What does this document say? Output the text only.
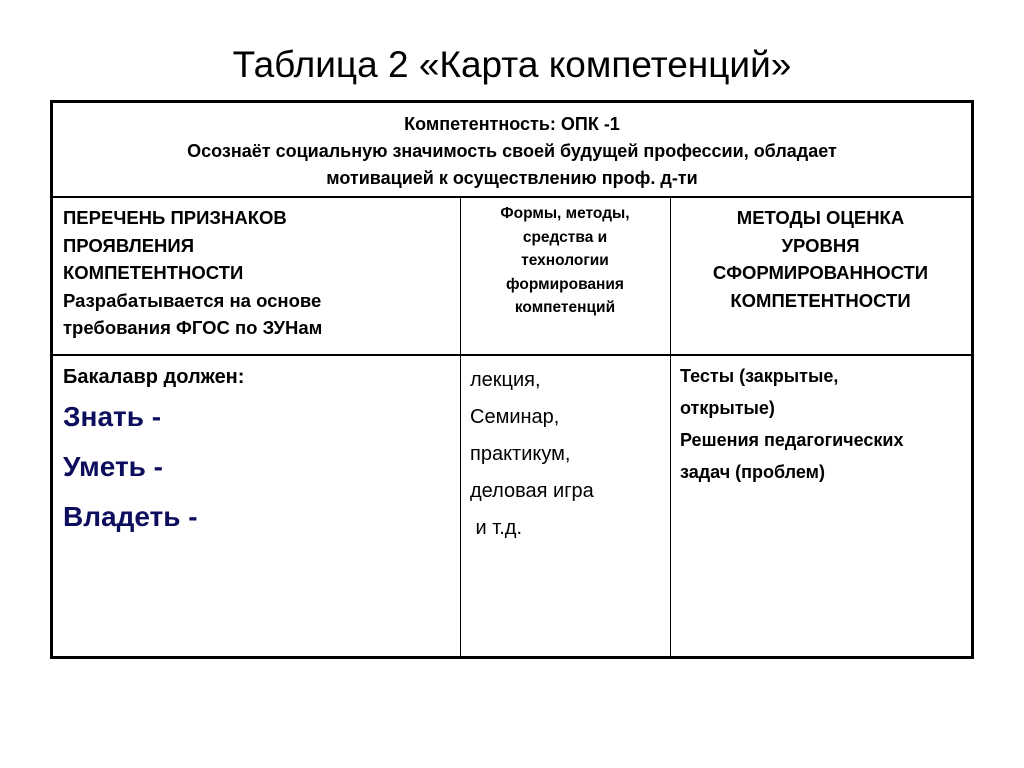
Таблица 2 «Карта компетенций»
Компетентность: ОПК -1
Осознаёт социальную значимость своей будущей профессии, обладает
мотивацией к осуществлению проф. д-ти
ПЕРЕЧЕНЬ ПРИЗНАКОВ
ПРОЯВЛЕНИЯ
КОМПЕТЕНТНОСТИ
Разрабатывается на основе
требования ФГОС по ЗУНам
Формы, методы,
средства и
технологии
формирования
компетенций
МЕТОДЫ ОЦЕНКА
УРОВНЯ
СФОРМИРОВАННОСТИ
КОМПЕТЕНТНОСТИ
Бакалавр должен:
Знать -
Уметь -
Владеть -
лекция,
Семинар,
практикум,
деловая игра
и т.д.
Тесты (закрытые,
открытые)
Решения педагогических
задач (проблем)
